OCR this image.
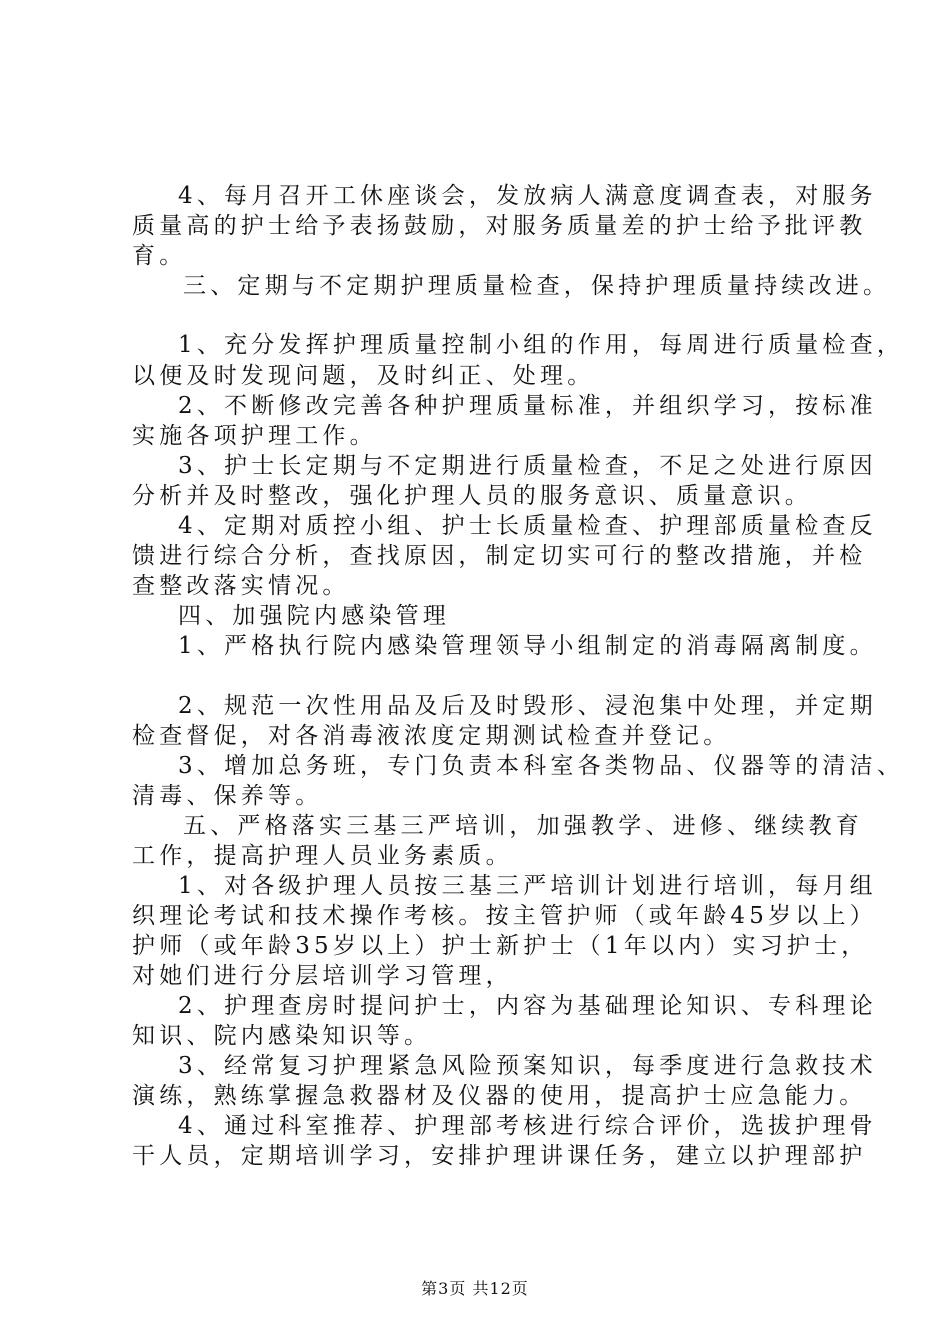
4、每月召开工休座谈会，发放病人满意度调查表，对服务
质量高的护士给予表扬鼓励，对服务质量差的护士给予批评教
育。
三、定期与不定期护理质量检查，保持护理质量持续改进。
1、充分发挥护理质量控制小组的作用，每周进行质量检查，
以便及时发现问题，及时纠正、处理。
2、不断修改完善各种护理质量标准，并组织学习，按标准
实施各项护理工作。
3、护士长定期与不定期进行质量检查，不足之处进行原因
分析并及时整改，强化护理人员的服务意识、质量意识。
4、定期对质控小组、护士长质量检查、护理部质量检查反
馈进行综合分析，查找原因，制定切实可行的整改措施，并检
查整改落实情况。
四、加强院内感染管理
1、严格执行院内感染管理领导小组制定的消毒隔离制度。
2、规范一次性用品及后及时毁形、浸泡集中处理，并定期
检查督促，对各消毒液浓度定期测试检查并登记。
3、增加总务班，专门负责本科室各类物品、仪器等的清洁、
清毒、保养等。
五、严格落实三基三严培训，加强教学、进修、继续教育
工作，提高护理人员业务素质。
1、对各级护理人员按三基三严培训计划进行培训，每月组
织理论考试和技术操作考核。按主管护师（或年龄45岁以上）
护师（或年龄35岁以上）护士新护士（1年以内）实习护士，
对她们进行分层培训学习管理，
2、护理查房时提问护士，内容为基础理论知识、专科理论
知识、院内感染知识等。
3、经常复习护理紧急风险预案知识，每季度进行急救技术
演练，熟练掌握急救器材及仪器的使用，提高护士应急能力。
4、通过科室推荐、护理部考核进行综合评价，选拔护理骨
干人员，定期培训学习，安排护理讲课任务，建立以护理部护
第3页 共12页
